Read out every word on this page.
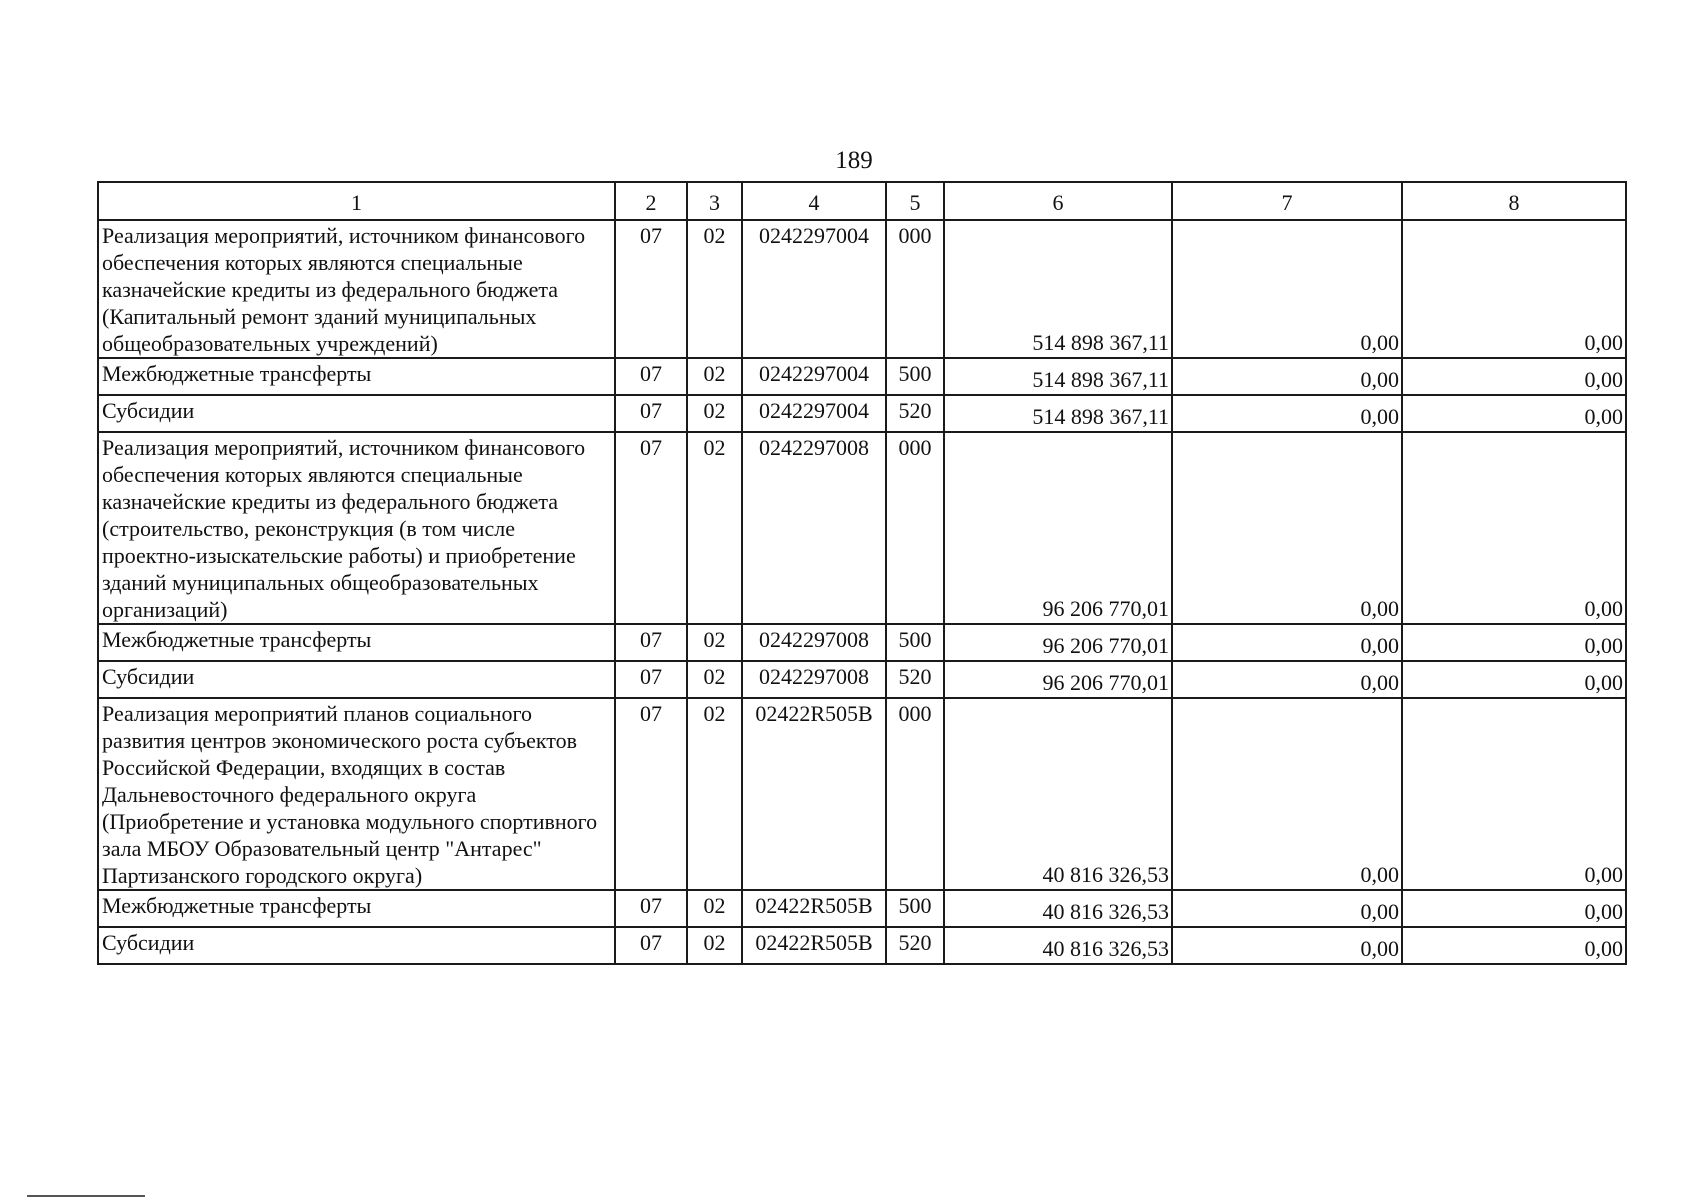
189
1	2	3	4	5	6	7	8
Реализация мероприятий, источником финансового обеспечения которых являются специальные казначейские кредиты из федерального бюджета (Капитальный ремонт зданий муниципальных общеобразовательных учреждений)	07	02	0242297004	000	514 898 367,11	0,00	0,00
Межбюджетные трансферты	07	02	0242297004	500	514 898 367,11	0,00	0,00
Субсидии	07	02	0242297004	520	514 898 367,11	0,00	0,00
Реализация мероприятий, источником финансового обеспечения которых являются специальные казначейские кредиты из федерального бюджета (строительство, реконструкция (в том числе проектно-изыскательские работы) и приобретение зданий муниципальных общеобразовательных организаций)	07	02	0242297008	000	96 206 770,01	0,00	0,00
Межбюджетные трансферты	07	02	0242297008	500	96 206 770,01	0,00	0,00
Субсидии	07	02	0242297008	520	96 206 770,01	0,00	0,00
Реализация мероприятий планов социального развития центров экономического роста субъектов Российской Федерации, входящих в состав Дальневосточного федерального округа (Приобретение и установка модульного спортивного зала МБОУ Образовательный центр "Антарес" Партизанского городского округа)	07	02	02422R505B	000	40 816 326,53	0,00	0,00
Межбюджетные трансферты	07	02	02422R505B	500	40 816 326,53	0,00	0,00
Субсидии	07	02	02422R505B	520	40 816 326,53	0,00	0,00
